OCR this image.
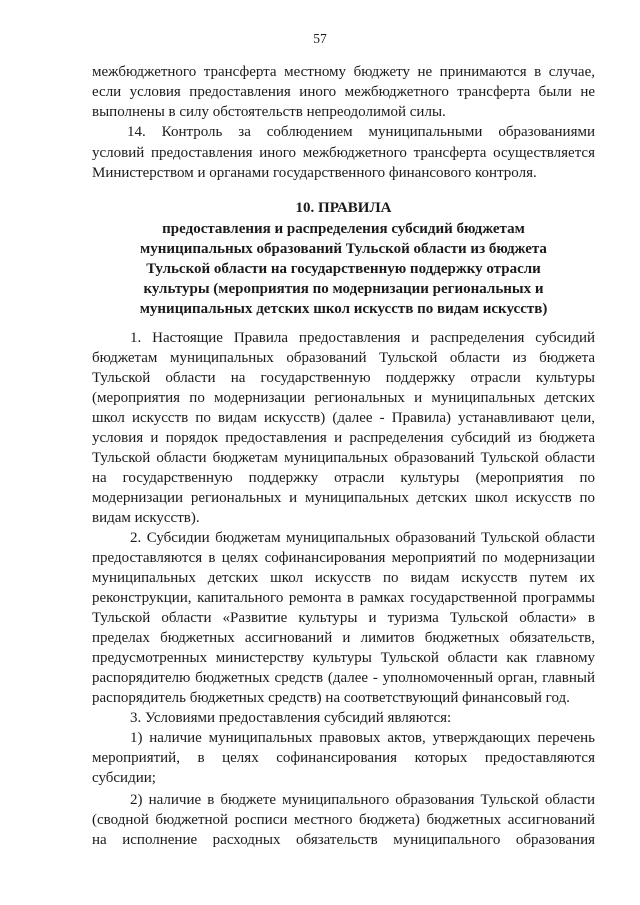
57
межбюджетного трансферта местному бюджету не принимаются в случае,
если условия предоставления иного межбюджетного трансферта были не
выполнены в силу обстоятельств непреодолимой силы.
14. Контроль за соблюдением муниципальными образованиями
условий предоставления иного межбюджетного трансферта осуществляется
Министерством и органами государственного финансового контроля.
10. ПРАВИЛА
предоставления и распределения субсидий бюджетам
муниципальных образований Тульской области из бюджета
Тульской области на государственную поддержку отрасли
культуры (мероприятия по модернизации региональных и
муниципальных детских школ искусств по видам искусств)
1. Настоящие Правила предоставления и распределения субсидий
бюджетам муниципальных образований Тульской области из бюджета
Тульской области на государственную поддержку отрасли культуры
(мероприятия по модернизации региональных и муниципальных детских
школ искусств по видам искусств) (далее - Правила) устанавливают цели,
условия и порядок предоставления и распределения субсидий из бюджета
Тульской области бюджетам муниципальных образований Тульской области
на государственную поддержку отрасли культуры (мероприятия по
модернизации региональных и муниципальных детских школ искусств по
видам искусств).
2. Субсидии бюджетам муниципальных образований Тульской области
предоставляются в целях софинансирования мероприятий по модернизации
муниципальных детских школ искусств по видам искусств путем их
реконструкции, капитального ремонта в рамках государственной программы
Тульской области «Развитие культуры и туризма Тульской области» в
пределах бюджетных ассигнований и лимитов бюджетных обязательств,
предусмотренных министерству культуры Тульской области как главному
распорядителю бюджетных средств (далее - уполномоченный орган, главный
распорядитель бюджетных средств) на соответствующий финансовый год.
3. Условиями предоставления субсидий являются:
1) наличие муниципальных правовых актов, утверждающих перечень
мероприятий, в целях софинансирования которых предоставляются
субсидии;
2) наличие в бюджете муниципального образования Тульской области
(сводной бюджетной росписи местного бюджета) бюджетных ассигнований
на исполнение расходных обязательств муниципального образования
